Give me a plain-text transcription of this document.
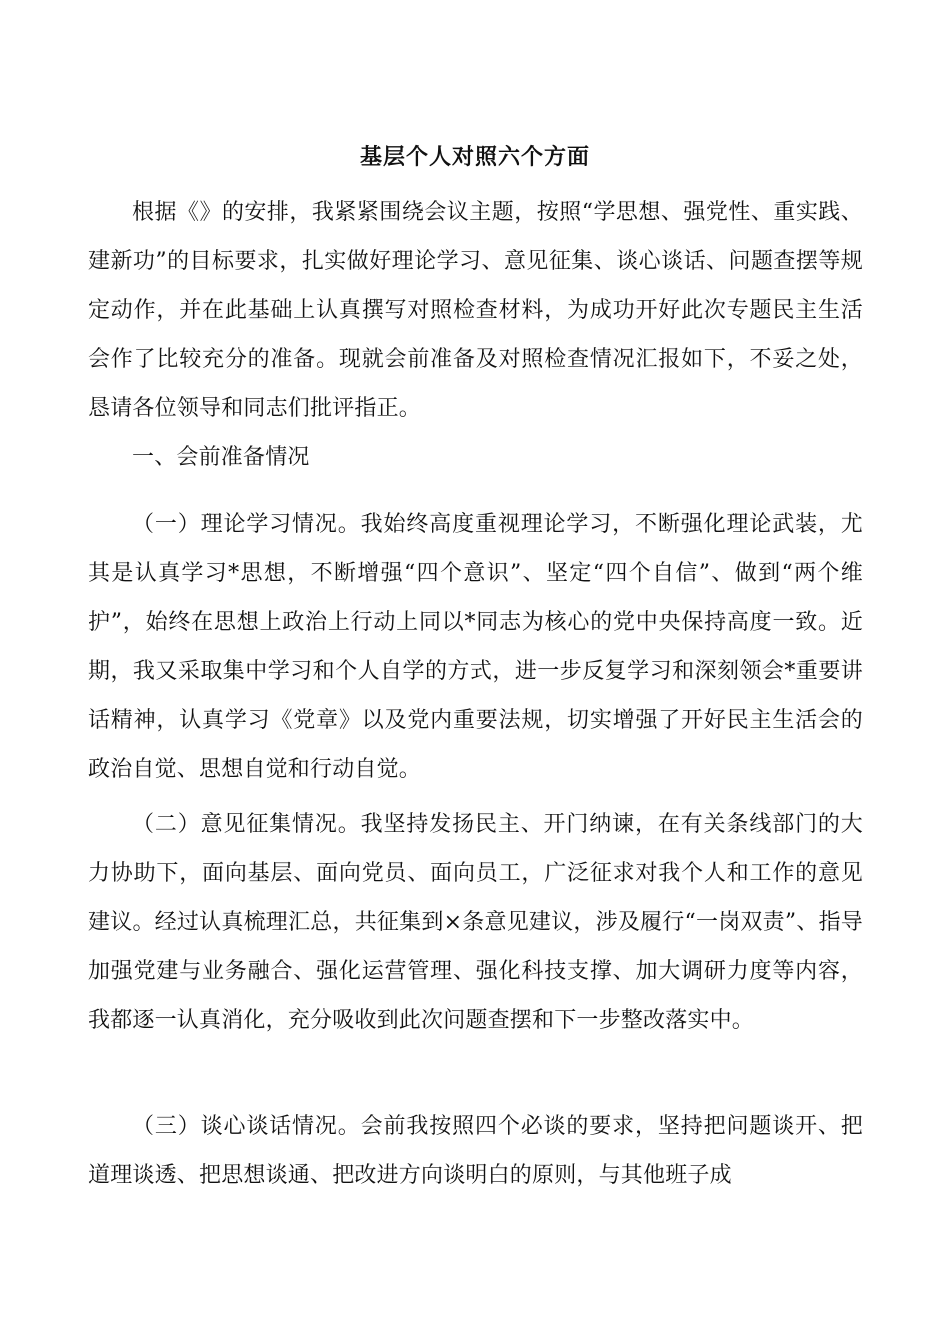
基层个人对照六个方面

根据《》的安排，我紧紧围绕会议主题，按照“学思想、强党性、重实践、建新功”的目标要求，扎实做好理论学习、意见征集、谈心谈话、问题查摆等规定动作，并在此基础上认真撰写对照检查材料，为成功开好此次专题民主生活会作了比较充分的准备。现就会前准备及对照检查情况汇报如下，不妥之处，恳请各位领导和同志们批评指正。

一、会前准备情况

（一）理论学习情况。我始终高度重视理论学习，不断强化理论武装，尤其是认真学习*思想，不断增强“四个意识”、坚定“四个自信”、做到“两个维护”，始终在思想上政治上行动上同以*同志为核心的党中央保持高度一致。近期，我又采取集中学习和个人自学的方式，进一步反复学习和深刻领会*重要讲话精神，认真学习《党章》以及党内重要法规，切实增强了开好民主生活会的政治自觉、思想自觉和行动自觉。

（二）意见征集情况。我坚持发扬民主、开门纳谏，在有关条线部门的大力协助下，面向基层、面向党员、面向员工，广泛征求对我个人和工作的意见建议。经过认真梳理汇总，共征集到×条意见建议，涉及履行“一岗双责”、指导加强党建与业务融合、强化运营管理、强化科技支撑、加大调研力度等内容，我都逐一认真消化，充分吸收到此次问题查摆和下一步整改落实中。

（三）谈心谈话情况。会前我按照四个必谈的要求，坚持把问题谈开、把道理谈透、把思想谈通、把改进方向谈明白的原则，与其他班子成
